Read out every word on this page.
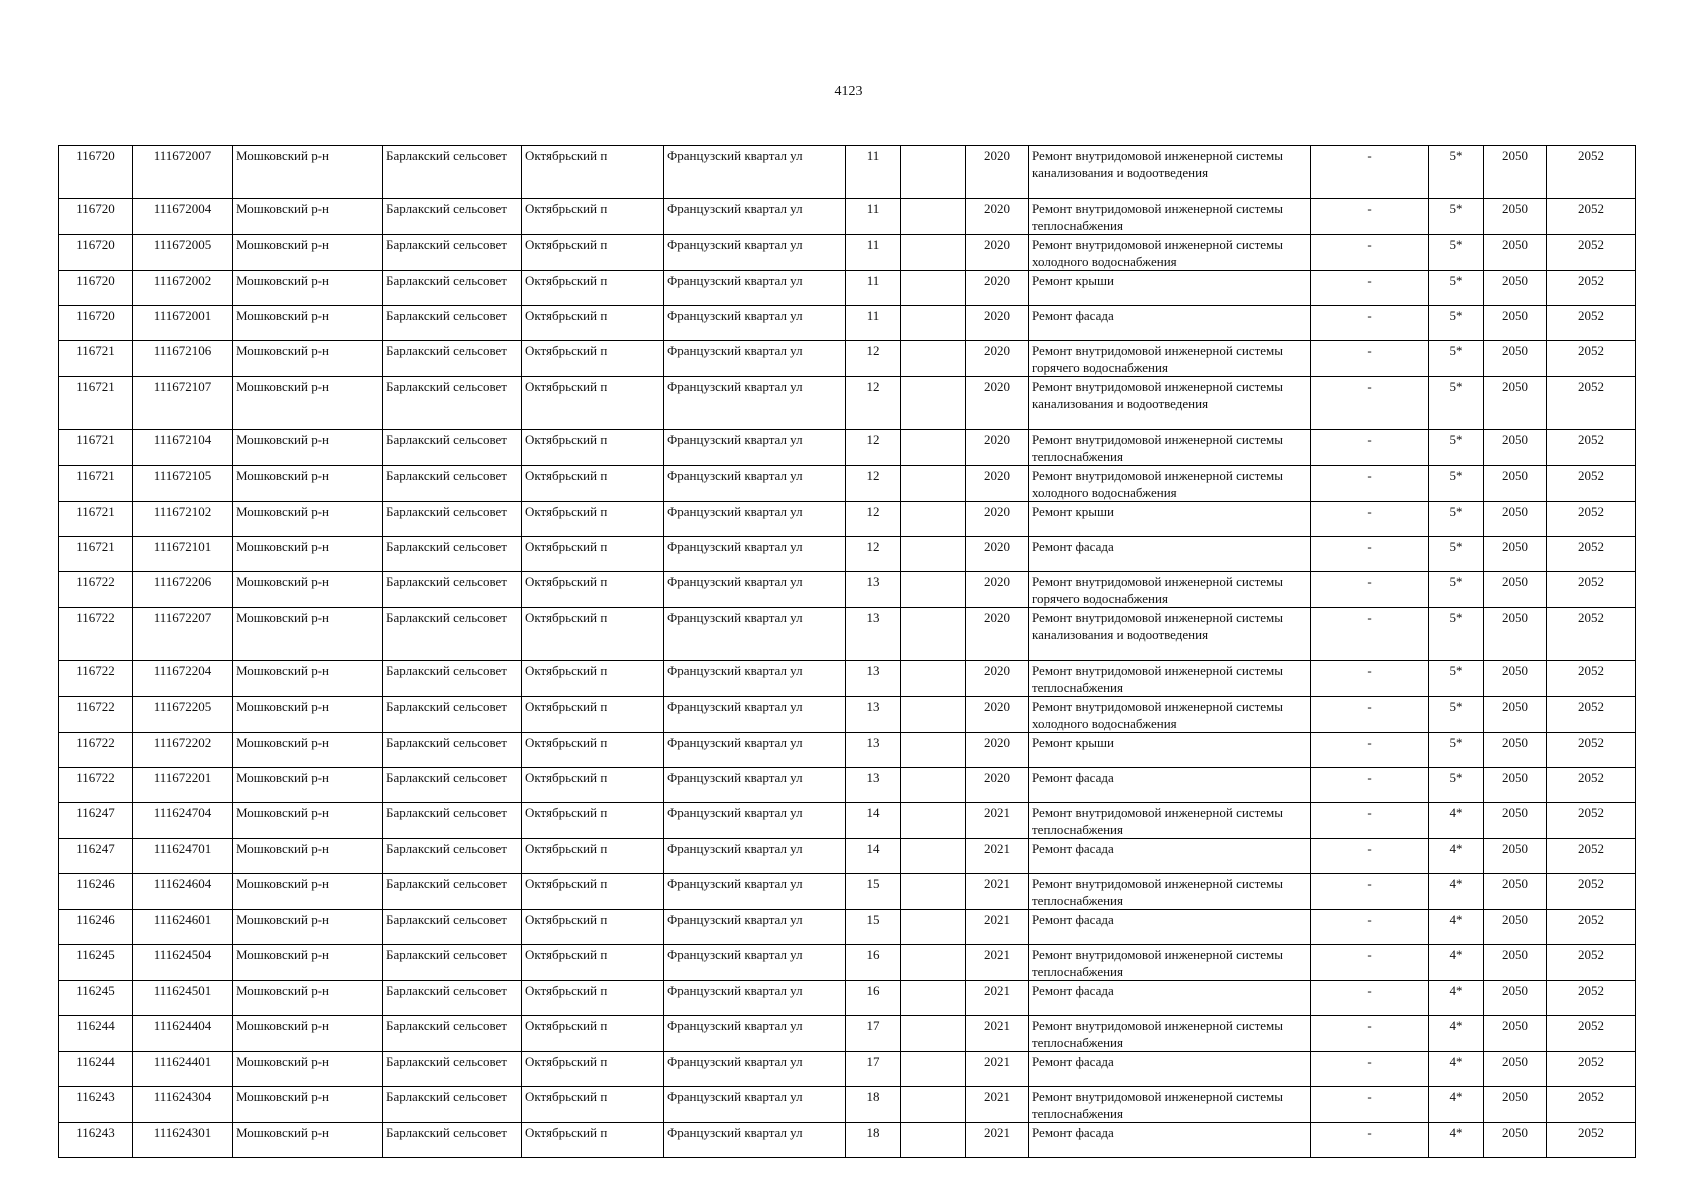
4123
116720	111672007	Мошковский р-н	Барлакский сельсовет	Октябрьский п	Французский квартал ул	11		2020	Ремонт внутридомовой инженерной системы канализования и водоотведения	-	5*	2050	2052
116720	111672004	Мошковский р-н	Барлакский сельсовет	Октябрьский п	Французский квартал ул	11		2020	Ремонт внутридомовой инженерной системы теплоснабжения	-	5*	2050	2052
116720	111672005	Мошковский р-н	Барлакский сельсовет	Октябрьский п	Французский квартал ул	11		2020	Ремонт внутридомовой инженерной системы холодного водоснабжения	-	5*	2050	2052
116720	111672002	Мошковский р-н	Барлакский сельсовет	Октябрьский п	Французский квартал ул	11		2020	Ремонт крыши	-	5*	2050	2052
116720	111672001	Мошковский р-н	Барлакский сельсовет	Октябрьский п	Французский квартал ул	11		2020	Ремонт фасада	-	5*	2050	2052
116721	111672106	Мошковский р-н	Барлакский сельсовет	Октябрьский п	Французский квартал ул	12		2020	Ремонт внутридомовой инженерной системы горячего водоснабжения	-	5*	2050	2052
116721	111672107	Мошковский р-н	Барлакский сельсовет	Октябрьский п	Французский квартал ул	12		2020	Ремонт внутридомовой инженерной системы канализования и водоотведения	-	5*	2050	2052
116721	111672104	Мошковский р-н	Барлакский сельсовет	Октябрьский п	Французский квартал ул	12		2020	Ремонт внутридомовой инженерной системы теплоснабжения	-	5*	2050	2052
116721	111672105	Мошковский р-н	Барлакский сельсовет	Октябрьский п	Французский квартал ул	12		2020	Ремонт внутридомовой инженерной системы холодного водоснабжения	-	5*	2050	2052
116721	111672102	Мошковский р-н	Барлакский сельсовет	Октябрьский п	Французский квартал ул	12		2020	Ремонт крыши	-	5*	2050	2052
116721	111672101	Мошковский р-н	Барлакский сельсовет	Октябрьский п	Французский квартал ул	12		2020	Ремонт фасада	-	5*	2050	2052
116722	111672206	Мошковский р-н	Барлакский сельсовет	Октябрьский п	Французский квартал ул	13		2020	Ремонт внутридомовой инженерной системы горячего водоснабжения	-	5*	2050	2052
116722	111672207	Мошковский р-н	Барлакский сельсовет	Октябрьский п	Французский квартал ул	13		2020	Ремонт внутридомовой инженерной системы канализования и водоотведения	-	5*	2050	2052
116722	111672204	Мошковский р-н	Барлакский сельсовет	Октябрьский п	Французский квартал ул	13		2020	Ремонт внутридомовой инженерной системы теплоснабжения	-	5*	2050	2052
116722	111672205	Мошковский р-н	Барлакский сельсовет	Октябрьский п	Французский квартал ул	13		2020	Ремонт внутридомовой инженерной системы холодного водоснабжения	-	5*	2050	2052
116722	111672202	Мошковский р-н	Барлакский сельсовет	Октябрьский п	Французский квартал ул	13		2020	Ремонт крыши	-	5*	2050	2052
116722	111672201	Мошковский р-н	Барлакский сельсовет	Октябрьский п	Французский квартал ул	13		2020	Ремонт фасада	-	5*	2050	2052
116247	111624704	Мошковский р-н	Барлакский сельсовет	Октябрьский п	Французский квартал ул	14		2021	Ремонт внутридомовой инженерной системы теплоснабжения	-	4*	2050	2052
116247	111624701	Мошковский р-н	Барлакский сельсовет	Октябрьский п	Французский квартал ул	14		2021	Ремонт фасада	-	4*	2050	2052
116246	111624604	Мошковский р-н	Барлакский сельсовет	Октябрьский п	Французский квартал ул	15		2021	Ремонт внутридомовой инженерной системы теплоснабжения	-	4*	2050	2052
116246	111624601	Мошковский р-н	Барлакский сельсовет	Октябрьский п	Французский квартал ул	15		2021	Ремонт фасада	-	4*	2050	2052
116245	111624504	Мошковский р-н	Барлакский сельсовет	Октябрьский п	Французский квартал ул	16		2021	Ремонт внутридомовой инженерной системы теплоснабжения	-	4*	2050	2052
116245	111624501	Мошковский р-н	Барлакский сельсовет	Октябрьский п	Французский квартал ул	16		2021	Ремонт фасада	-	4*	2050	2052
116244	111624404	Мошковский р-н	Барлакский сельсовет	Октябрьский п	Французский квартал ул	17		2021	Ремонт внутридомовой инженерной системы теплоснабжения	-	4*	2050	2052
116244	111624401	Мошковский р-н	Барлакский сельсовет	Октябрьский п	Французский квартал ул	17		2021	Ремонт фасада	-	4*	2050	2052
116243	111624304	Мошковский р-н	Барлакский сельсовет	Октябрьский п	Французский квартал ул	18		2021	Ремонт внутридомовой инженерной системы теплоснабжения	-	4*	2050	2052
116243	111624301	Мошковский р-н	Барлакский сельсовет	Октябрьский п	Французский квартал ул	18		2021	Ремонт фасада	-	4*	2050	2052
